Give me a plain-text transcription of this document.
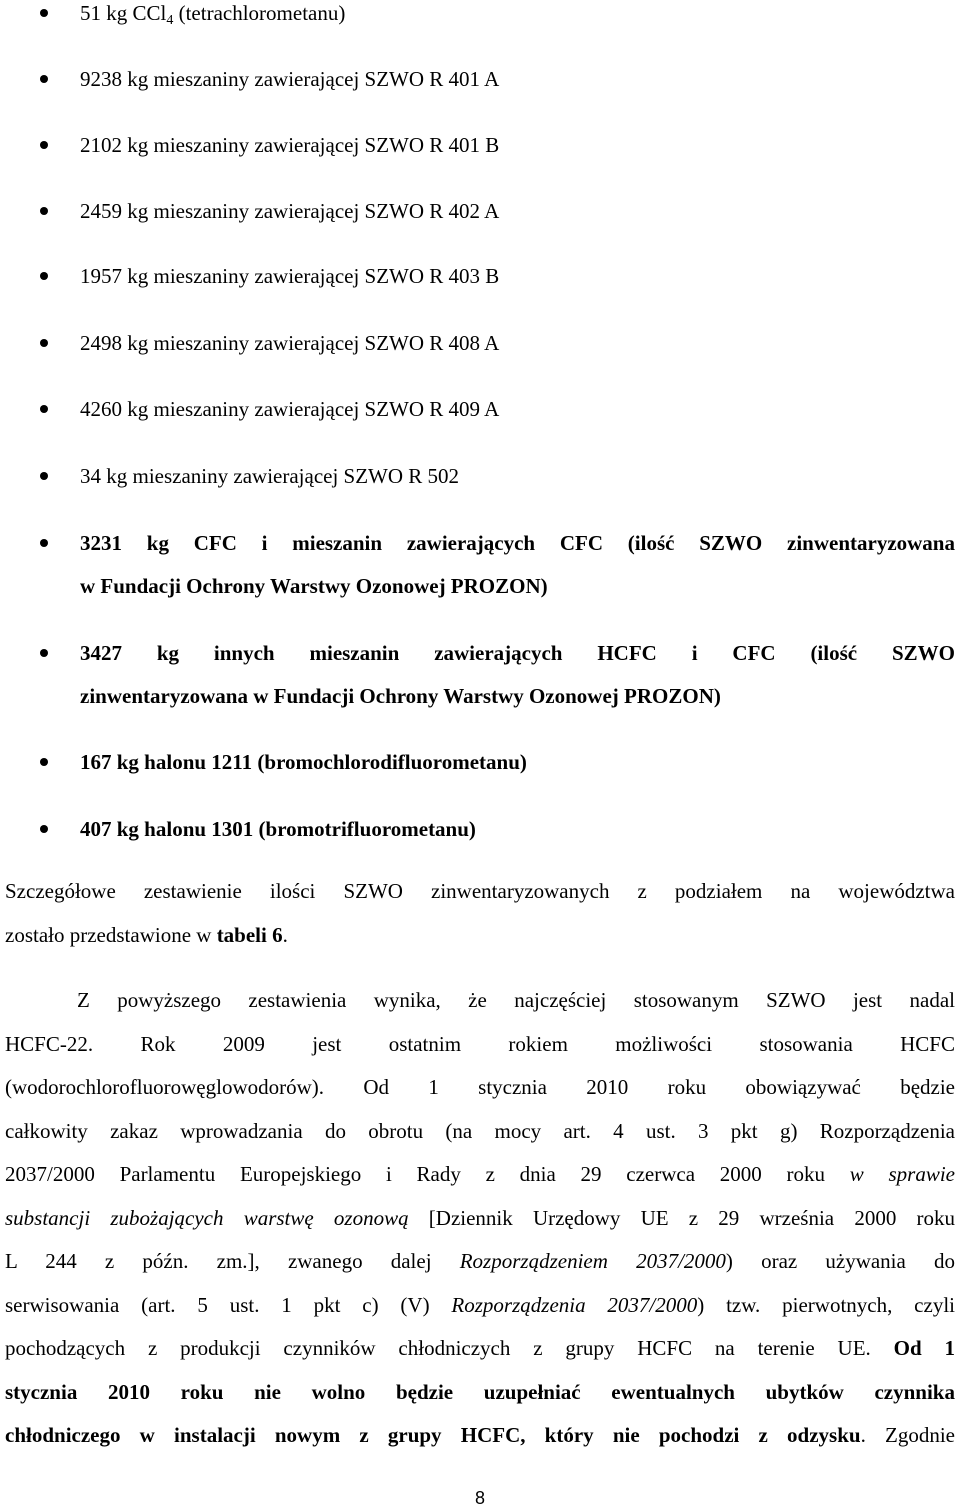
51 kg CCl$_4$ (tetrachlorometanu)
9238 kg mieszaniny zawierającej SZWO R 401 A
2102 kg mieszaniny zawierającej SZWO R 401 B
2459 kg mieszaniny zawierającej SZWO R 402 A
1957 kg mieszaniny zawierającej SZWO R 403 B
2498 kg mieszaniny zawierającej SZWO R 408 A
4260 kg mieszaniny zawierającej SZWO R 409 A
34 kg mieszaniny zawierającej SZWO R 502
3231 kg CFC i mieszanin zawierających CFC (ilość SZWO zinwentaryzowana
w Fundacji Ochrony Warstwy Ozonowej PROZON)
3427 kg innych mieszanin zawierających HCFC i CFC (ilość SZWO
zinwentaryzowana w Fundacji Ochrony Warstwy Ozonowej PROZON)
167 kg halonu 1211 (bromochlorodifluorometanu)
407 kg halonu 1301 (bromotrifluorometanu)
Szczegółowe zestawienie ilości SZWO zinwentaryzowanych z podziałem na województwa
zostało przedstawione w tabeli 6.
Z powyższego zestawienia wynika, że najczęściej stosowanym SZWO jest nadal
HCFC-22. Rok 2009 jest ostatnim rokiem możliwości stosowania HCFC
(wodorochlorofluorowęglowodorów). Od 1 stycznia 2010 roku obowiązywać będzie
całkowity zakaz wprowadzania do obrotu (na mocy art. 4 ust. 3 pkt g) Rozporządzenia
2037/2000 Parlamentu Europejskiego i Rady z dnia 29 czerwca 2000 roku w sprawie
substancji zubożających warstwę ozonową [Dziennik Urzędowy UE z 29 września 2000 roku
L 244 z późn. zm.], zwanego dalej Rozporządzeniem 2037/2000) oraz używania do
serwisowania (art. 5 ust. 1 pkt c) (V) Rozporządzenia 2037/2000) tzw. pierwotnych, czyli
pochodzących z produkcji czynników chłodniczych z grupy HCFC na terenie UE. Od 1
stycznia 2010 roku nie wolno będzie uzupełniać ewentualnych ubytków czynnika
chłodniczego w instalacji nowym z grupy HCFC, który nie pochodzi z odzysku. Zgodnie
8
